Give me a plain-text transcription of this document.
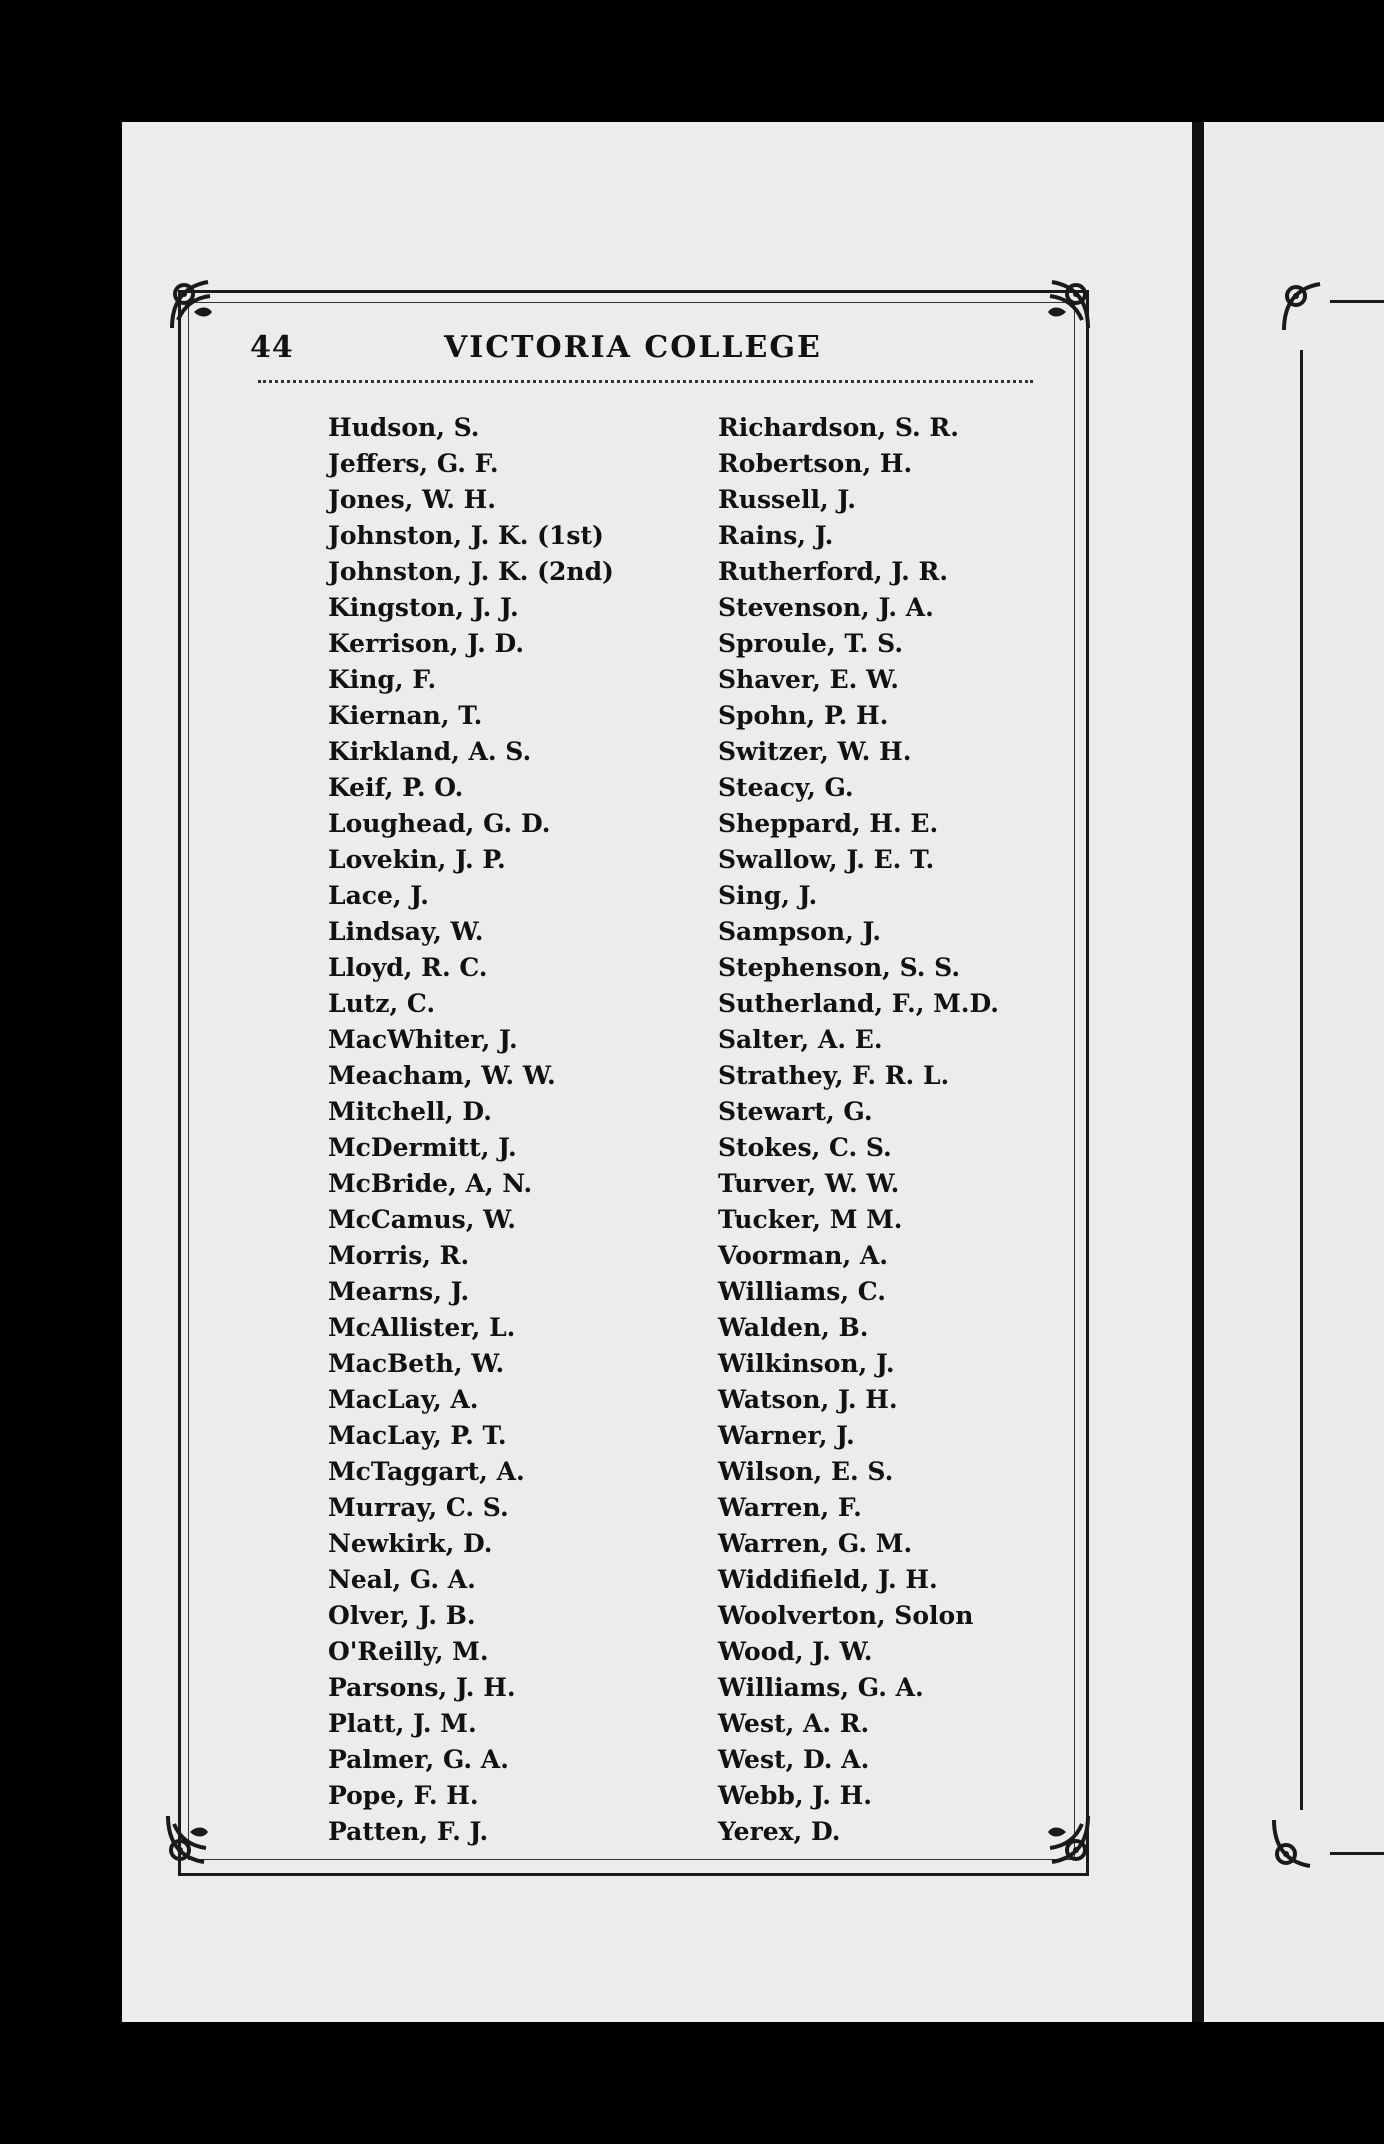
44	VICTORIA COLLEGE
Hudson, S.
Jeffers, G. F.
Jones, W. H.
Johnston, J. K. (1st)
Johnston, J. K. (2nd)
Kingston, J. J.
Kerrison, J. D.
King, F.
Kiernan, T.
Kirkland, A. S.
Keif, P. O.
Loughead, G. D.
Lovekin, J. P.
Lace, J.
Lindsay, W.
Lloyd, R. C.
Lutz, C.
MacWhiter, J.
Meacham, W. W.
Mitchell, D.
McDermitt, J.
McBride, A, N.
McCamus, W.
Morris, R.
Mearns, J.
McAllister, L.
MacBeth, W.
MacLay, A.
MacLay, P. T.
McTaggart, A.
Murray, C. S.
Newkirk, D.
Neal, G. A.
Olver, J. B.
O'Reilly, M.
Parsons, J. H.
Platt, J. M.
Palmer, G. A.
Pope, F. H.
Patten, F. J.
Richardson, S. R.
Robertson, H.
Russell, J.
Rains, J.
Rutherford, J. R.
Stevenson, J. A.
Sproule, T. S.
Shaver, E. W.
Spohn, P. H.
Switzer, W. H.
Steacy, G.
Sheppard, H. E.
Swallow, J. E. T.
Sing, J.
Sampson, J.
Stephenson, S. S.
Sutherland, F., M.D.
Salter, A. E.
Strathey, F. R. L.
Stewart, G.
Stokes, C. S.
Turver, W. W.
Tucker, M M.
Voorman, A.
Williams, C.
Walden, B.
Wilkinson, J.
Watson, J. H.
Warner, J.
Wilson, E. S.
Warren, F.
Warren, G. M.
Widdifield, J. H.
Woolverton, Solon
Wood, J. W.
Williams, G. A.
West, A. R.
West, D. A.
Webb, J. H.
Yerex, D.
